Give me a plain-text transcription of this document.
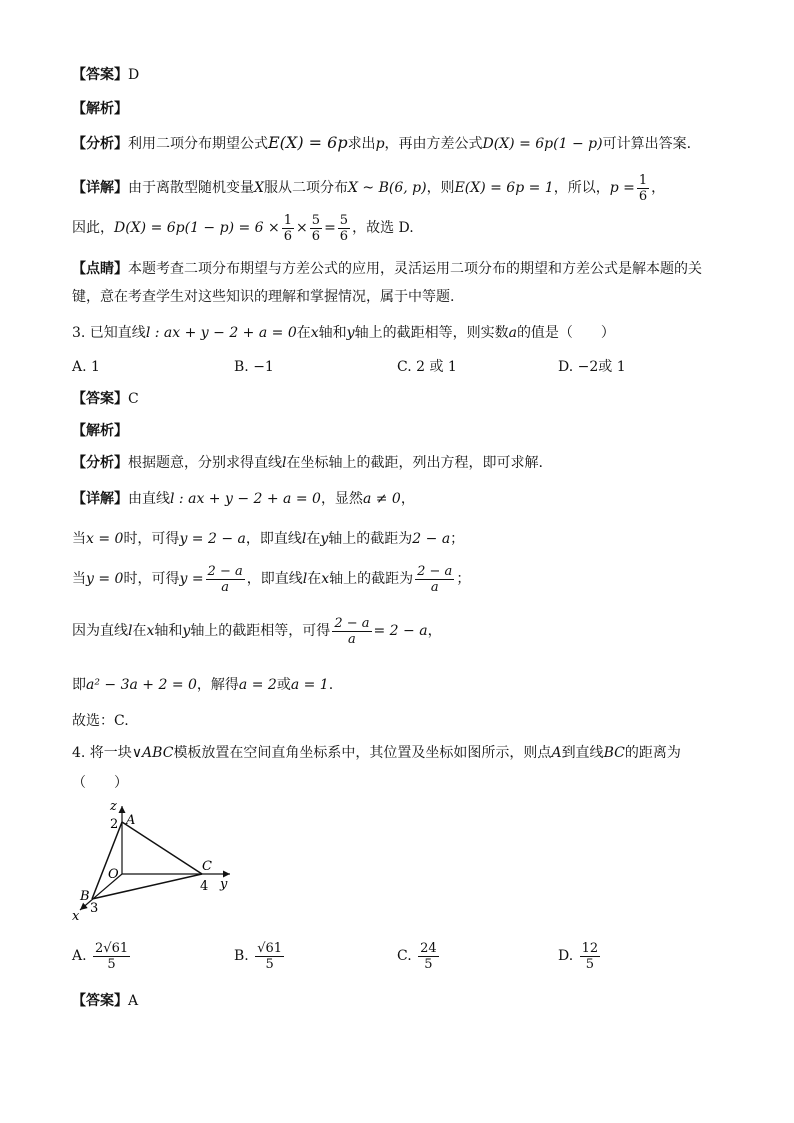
【答案】D
【解析】
【分析】利用二项分布期望公式E(X) = 6p求出p，再由方差公式D(X) = 6p(1 − p)可计算出答案.
【详解】由于离散型随机变量X服从二项分布X ~ B(6, p)，则E(X) = 6p = 1，所以，$p = \frac{1}{6}$ ，
因此，$D(X) = 6p(1 - p) = 6 \times \frac{1}{6} \times \frac{5}{6} = \frac{5}{6}$ ，故选 D.
【点睛】本题考查二项分布期望与方差公式的应用，灵活运用二项分布的期望和方差公式是解本题的关
键，意在考查学生对这些知识的理解和掌握情况，属于中等题.
3. 已知直线l : ax + y − 2 + a = 0在x轴和y轴上的截距相等，则实数a的值是（　　）
A. 1	B. −1	C. 2 或 1	D. −2或 1
【答案】C
【解析】
【分析】根据题意，分别求得直线l在坐标轴上的截距，列出方程，即可求解.
【详解】由直线l : ax + y − 2 + a = 0，显然a ≠ 0，
当x = 0时，可得y = 2 − a，即直线l在y轴上的截距为2 − a；
当y = 0时，可得$y = \frac{2 - a}{a}$ ，即直线l在x轴上的截距为 $\frac{2 - a}{a}$ ；
因为直线l在x轴和y轴上的截距相等，可得 $\frac{2 - a}{a} = 2 - a$，
即a² − 3a + 2 = 0，解得a = 2或a = 1.
故选：C.
4. 将一块∨ABC模板放置在空间直角坐标系中，其位置及坐标如图所示，则点A到直线BC的距离为
（　　）
z
2 A
O
C
4 y
B
3
x
A. $\frac{2√61}{5}$	B. $\frac{√61}{5}$	C. $\frac{24}{5}$	D. $\frac{12}{5}$
【答案】A
